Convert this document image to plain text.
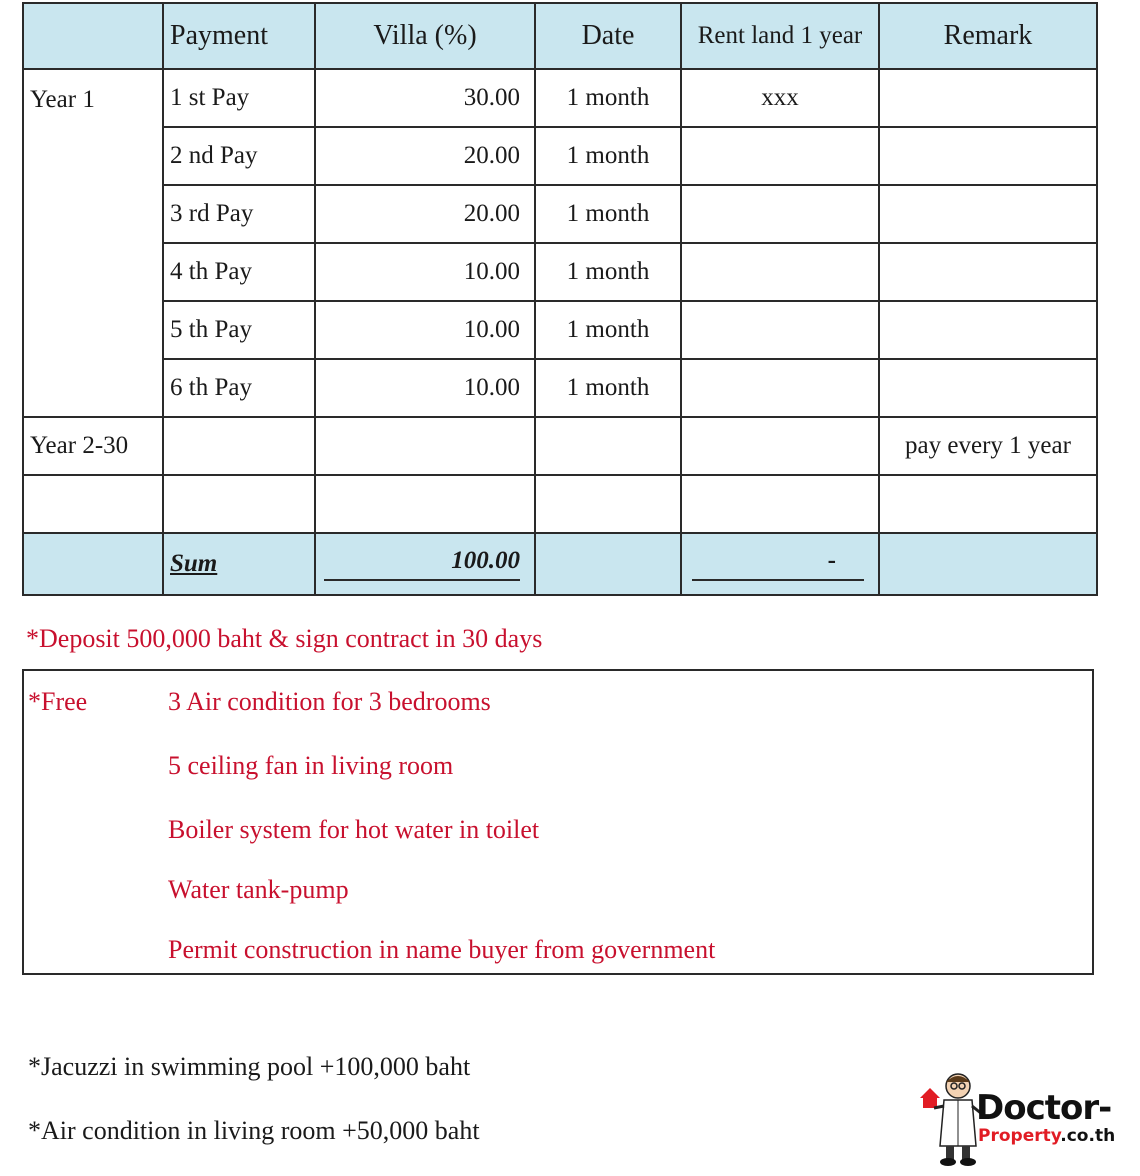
	Payment	Villa (%)	Date	Rent land 1 year	Remark
Year 1	1 st Pay	30.00	1 month	xxx	
	2 nd Pay	20.00	1 month		
	3 rd Pay	20.00	1 month		
	4 th Pay	10.00	1 month		
	5 th Pay	10.00	1 month		
	6 th Pay	10.00	1 month		
Year 2-30					pay every 1 year

	Sum	100.00		-	
*Deposit 500,000 baht & sign contract in 30 days
*Free	3 Air condition for 3 bedrooms
5 ceiling fan in living room
Boiler system for hot water in toilet
Water tank-pump
Permit construction in name buyer from government
*Jacuzzi in swimming pool +100,000 baht
*Air condition in living room +50,000 baht
Doctor-
Property.co.th
